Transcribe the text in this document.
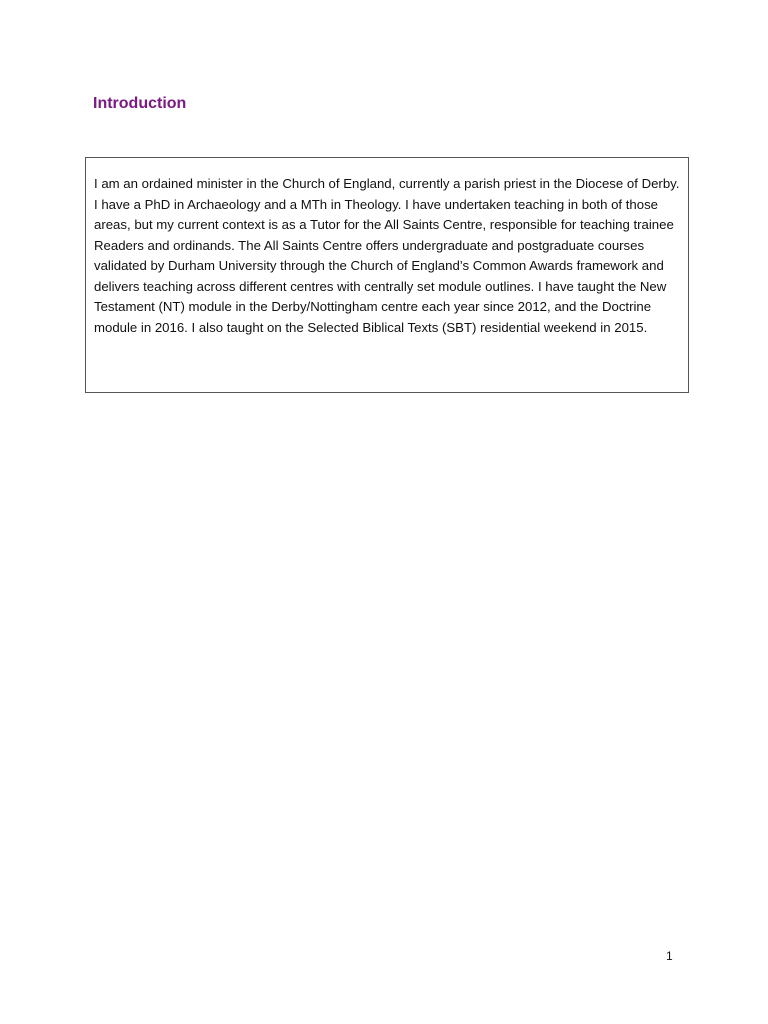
Introduction

I am an ordained minister in the Church of England, currently a parish priest in the Diocese of Derby. I have a PhD in Archaeology and a MTh in Theology. I have undertaken teaching in both of those areas, but my current context is as a Tutor for the All Saints Centre, responsible for teaching trainee Readers and ordinands. The All Saints Centre offers undergraduate and postgraduate courses validated by Durham University through the Church of England’s Common Awards framework and delivers teaching across different centres with centrally set module outlines. I have taught the New Testament (NT) module in the Derby/Nottingham centre each year since 2012, and the Doctrine module in 2016. I also taught on the Selected Biblical Texts (SBT) residential weekend in 2015.

1
